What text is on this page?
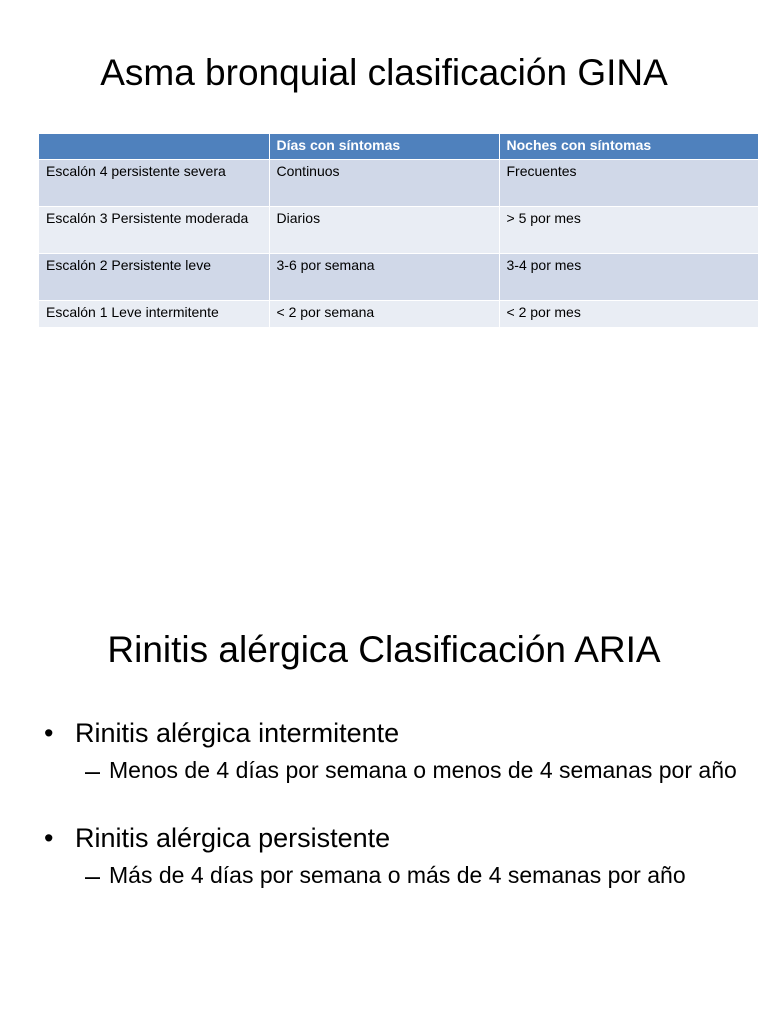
Asma bronquial clasificación GINA
	Días con síntomas	Noches con síntomas
Escalón 4 persistente severa	Continuos	Frecuentes
Escalón 3 Persistente moderada	Diarios	> 5 por mes
Escalón 2 Persistente leve	3-6 por semana	3-4 por mes
Escalón 1 Leve intermitente	< 2 por semana	< 2 por mes
Rinitis alérgica Clasificación ARIA
• Rinitis alérgica intermitente
– Menos de 4 días por semana o menos de 4 semanas por año
• Rinitis alérgica persistente
– Más de 4 días por semana o más de 4 semanas por año
